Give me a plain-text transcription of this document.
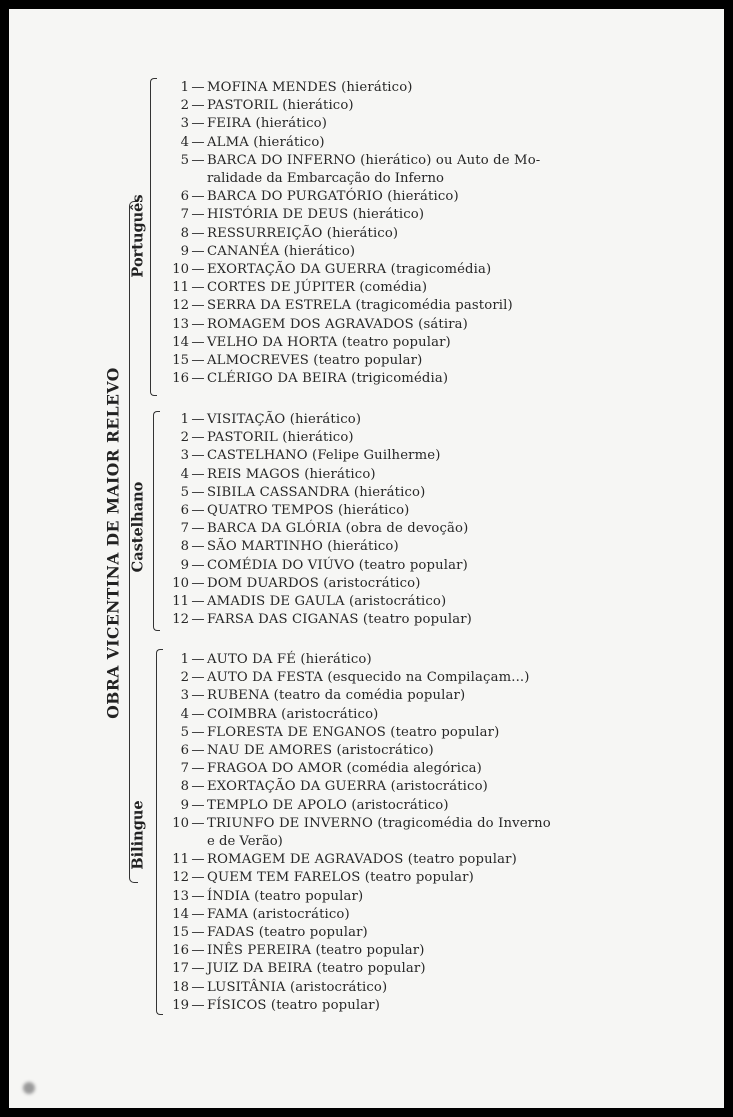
OBRA VICENTINA DE MAIOR RELEVO
Português
1 — MOFINA MENDES (hierático)
2 — PASTORIL (hierático)
3 — FEIRA (hierático)
4 — ALMA (hierático)
5 — BARCA DO INFERNO (hierático) ou Auto de Mo-
ralidade da Embarcação do Inferno
6 — BARCA DO PURGATÓRIO (hierático)
7 — HISTÓRIA DE DEUS (hierático)
8 — RESSURREIÇÃO (hierático)
9 — CANANÉA (hierático)
10 — EXORTAÇÃO DA GUERRA (tragicomédia)
11 — CORTES DE JÚPITER (comédia)
12 — SERRA DA ESTRELA (tragicomédia pastoril)
13 — ROMAGEM DOS AGRAVADOS (sátira)
14 — VELHO DA HORTA (teatro popular)
15 — ALMOCREVES (teatro popular)
16 — CLÉRIGO DA BEIRA (trigicomédia)
Castelhano
1 — VISITAÇÃO (hierático)
2 — PASTORIL (hierático)
3 — CASTELHANO (Felipe Guilherme)
4 — REIS MAGOS (hierático)
5 — SIBILA CASSANDRA (hierático)
6 — QUATRO TEMPOS (hierático)
7 — BARCA DA GLÓRIA (obra de devoção)
8 — SÃO MARTINHO (hierático)
9 — COMÉDIA DO VIÚVO (teatro popular)
10 — DOM DUARDOS (aristocrático)
11 — AMADIS DE GAULA (aristocrático)
12 — FARSA DAS CIGANAS (teatro popular)
Bilingue
1 — AUTO DA FÉ (hierático)
2 — AUTO DA FESTA (esquecido na Compilaçam...)
3 — RUBENA (teatro da comédia popular)
4 — COIMBRA (aristocrático)
5 — FLORESTA DE ENGANOS (teatro popular)
6 — NAU DE AMORES (aristocrático)
7 — FRAGOA DO AMOR (comédia alegórica)
8 — EXORTAÇÃO DA GUERRA (aristocrático)
9 — TEMPLO DE APOLO (aristocrático)
10 — TRIUNFO DE INVERNO (tragicomédia do Inverno
e de Verão)
11 — ROMAGEM DE AGRAVADOS (teatro popular)
12 — QUEM TEM FARELOS (teatro popular)
13 — ÍNDIA (teatro popular)
14 — FAMA (aristocrático)
15 — FADAS (teatro popular)
16 — INÊS PEREIRA (teatro popular)
17 — JUIZ DA BEIRA (teatro popular)
18 — LUSITÂNIA (aristocrático)
19 — FÍSICOS (teatro popular)
